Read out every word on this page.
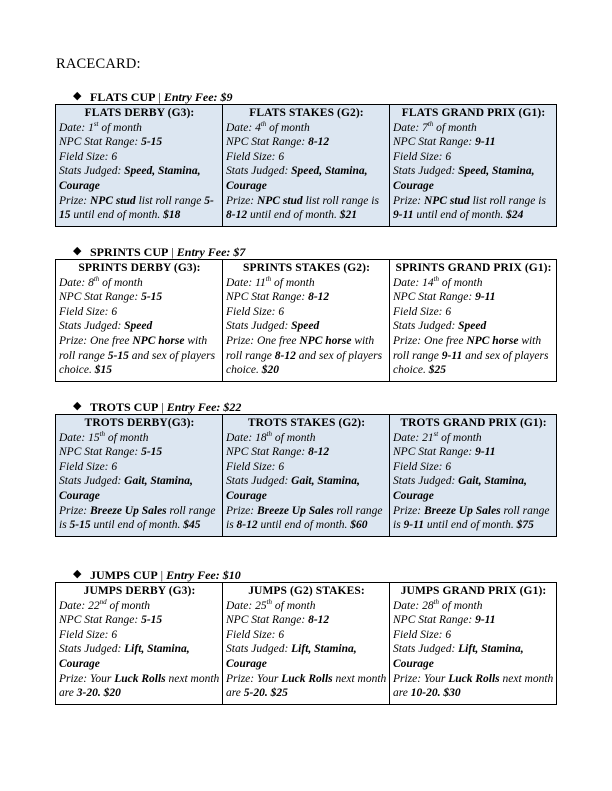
RACECARD:
◆ FLATS CUP | Entry Fee: $9
FLATS DERBY (G3):
Date: 1st of month
NPC Stat Range: 5-15
Field Size: 6
Stats Judged: Speed, Stamina, Courage
Prize: NPC stud list roll range 5-15 until end of month. $18

FLATS STAKES (G2):
Date: 4th of month
NPC Stat Range: 8-12
Field Size: 6
Stats Judged: Speed, Stamina, Courage
Prize: NPC stud list roll range is 8-12 until end of month. $21

FLATS GRAND PRIX (G1):
Date: 7th of month
NPC Stat Range: 9-11
Field Size: 6
Stats Judged: Speed, Stamina, Courage
Prize: NPC stud list roll range is 9-11 until end of month. $24
◆ SPRINTS CUP | Entry Fee: $7
SPRINTS DERBY (G3):
Date: 8th of month
NPC Stat Range: 5-15
Field Size: 6
Stats Judged: Speed
Prize: One free NPC horse with roll range 5-15 and sex of players choice. $15

SPRINTS STAKES (G2):
Date: 11th of month
NPC Stat Range: 8-12
Field Size: 6
Stats Judged: Speed
Prize: One free NPC horse with roll range 8-12 and sex of players choice. $20

SPRINTS GRAND PRIX (G1):
Date: 14th of month
NPC Stat Range: 9-11
Field Size: 6
Stats Judged: Speed
Prize: One free NPC horse with roll range 9-11 and sex of players choice. $25
◆ TROTS CUP | Entry Fee: $22
TROTS DERBY(G3):
Date: 15th of month
NPC Stat Range: 5-15
Field Size: 6
Stats Judged: Gait, Stamina, Courage
Prize: Breeze Up Sales roll range is 5-15 until end of month. $45

TROTS STAKES (G2):
Date: 18th of month
NPC Stat Range: 8-12
Field Size: 6
Stats Judged: Gait, Stamina, Courage
Prize: Breeze Up Sales roll range is 8-12 until end of month. $60

TROTS GRAND PRIX (G1):
Date: 21st of month
NPC Stat Range: 9-11
Field Size: 6
Stats Judged: Gait, Stamina, Courage
Prize: Breeze Up Sales roll range is 9-11 until end of month. $75
◆ JUMPS CUP | Entry Fee: $10
JUMPS DERBY (G3):
Date: 22nd of month
NPC Stat Range: 5-15
Field Size: 6
Stats Judged: Lift, Stamina, Courage
Prize: Your Luck Rolls next month are 3-20. $20

JUMPS (G2) STAKES:
Date: 25th of month
NPC Stat Range: 8-12
Field Size: 6
Stats Judged: Lift, Stamina, Courage
Prize: Your Luck Rolls next month are 5-20. $25

JUMPS GRAND PRIX (G1):
Date: 28th of month
NPC Stat Range: 9-11
Field Size: 6
Stats Judged: Lift, Stamina, Courage
Prize: Your Luck Rolls next month are 10-20. $30
